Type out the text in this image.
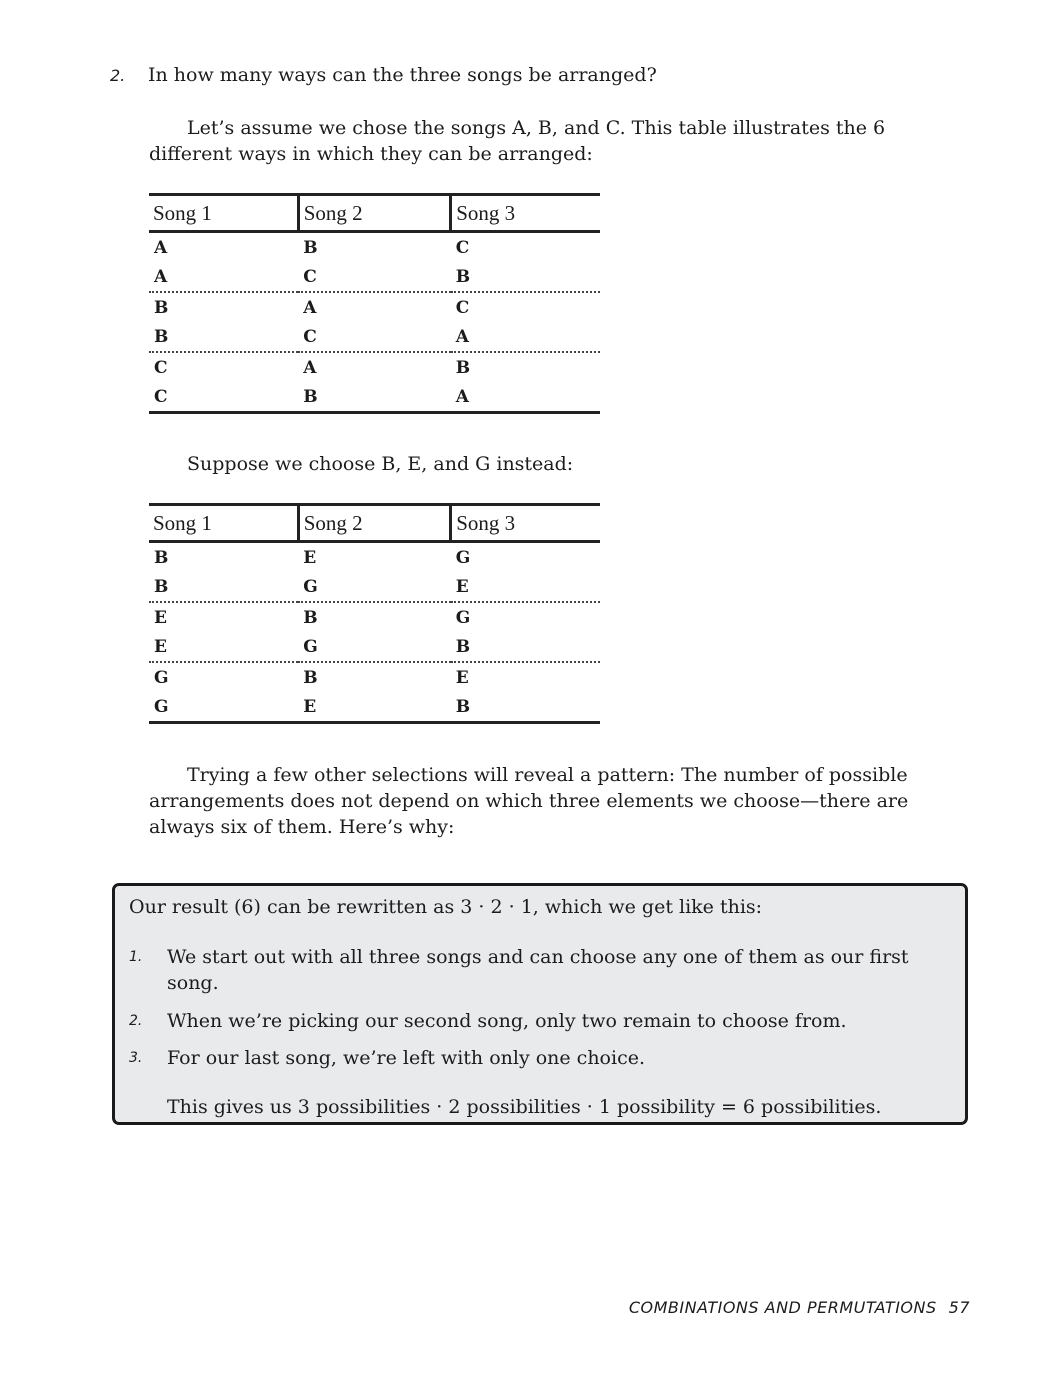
2. In how many ways can the three songs be arranged?

Let’s assume we chose the songs A, B, and C. This table illustrates the 6 different ways in which they can be arranged:

Song 1	Song 2	Song 3
A	B	C
A	C	B
B	A	C
B	C	A
C	A	B
C	B	A

Suppose we choose B, E, and G instead:

Song 1	Song 2	Song 3
B	E	G
B	G	E
E	B	G
E	G	B
G	B	E
G	E	B

Trying a few other selections will reveal a pattern: The number of possible arrangements does not depend on which three elements we choose—there are always six of them. Here’s why:

Our result (6) can be rewritten as 3 · 2 · 1, which we get like this:

1. We start out with all three songs and can choose any one of them as our first song.
2. When we’re picking our second song, only two remain to choose from.
3. For our last song, we’re left with only one choice.

This gives us 3 possibilities · 2 possibilities · 1 possibility = 6 possibilities.

COMBINATIONS AND PERMUTATIONS 57
